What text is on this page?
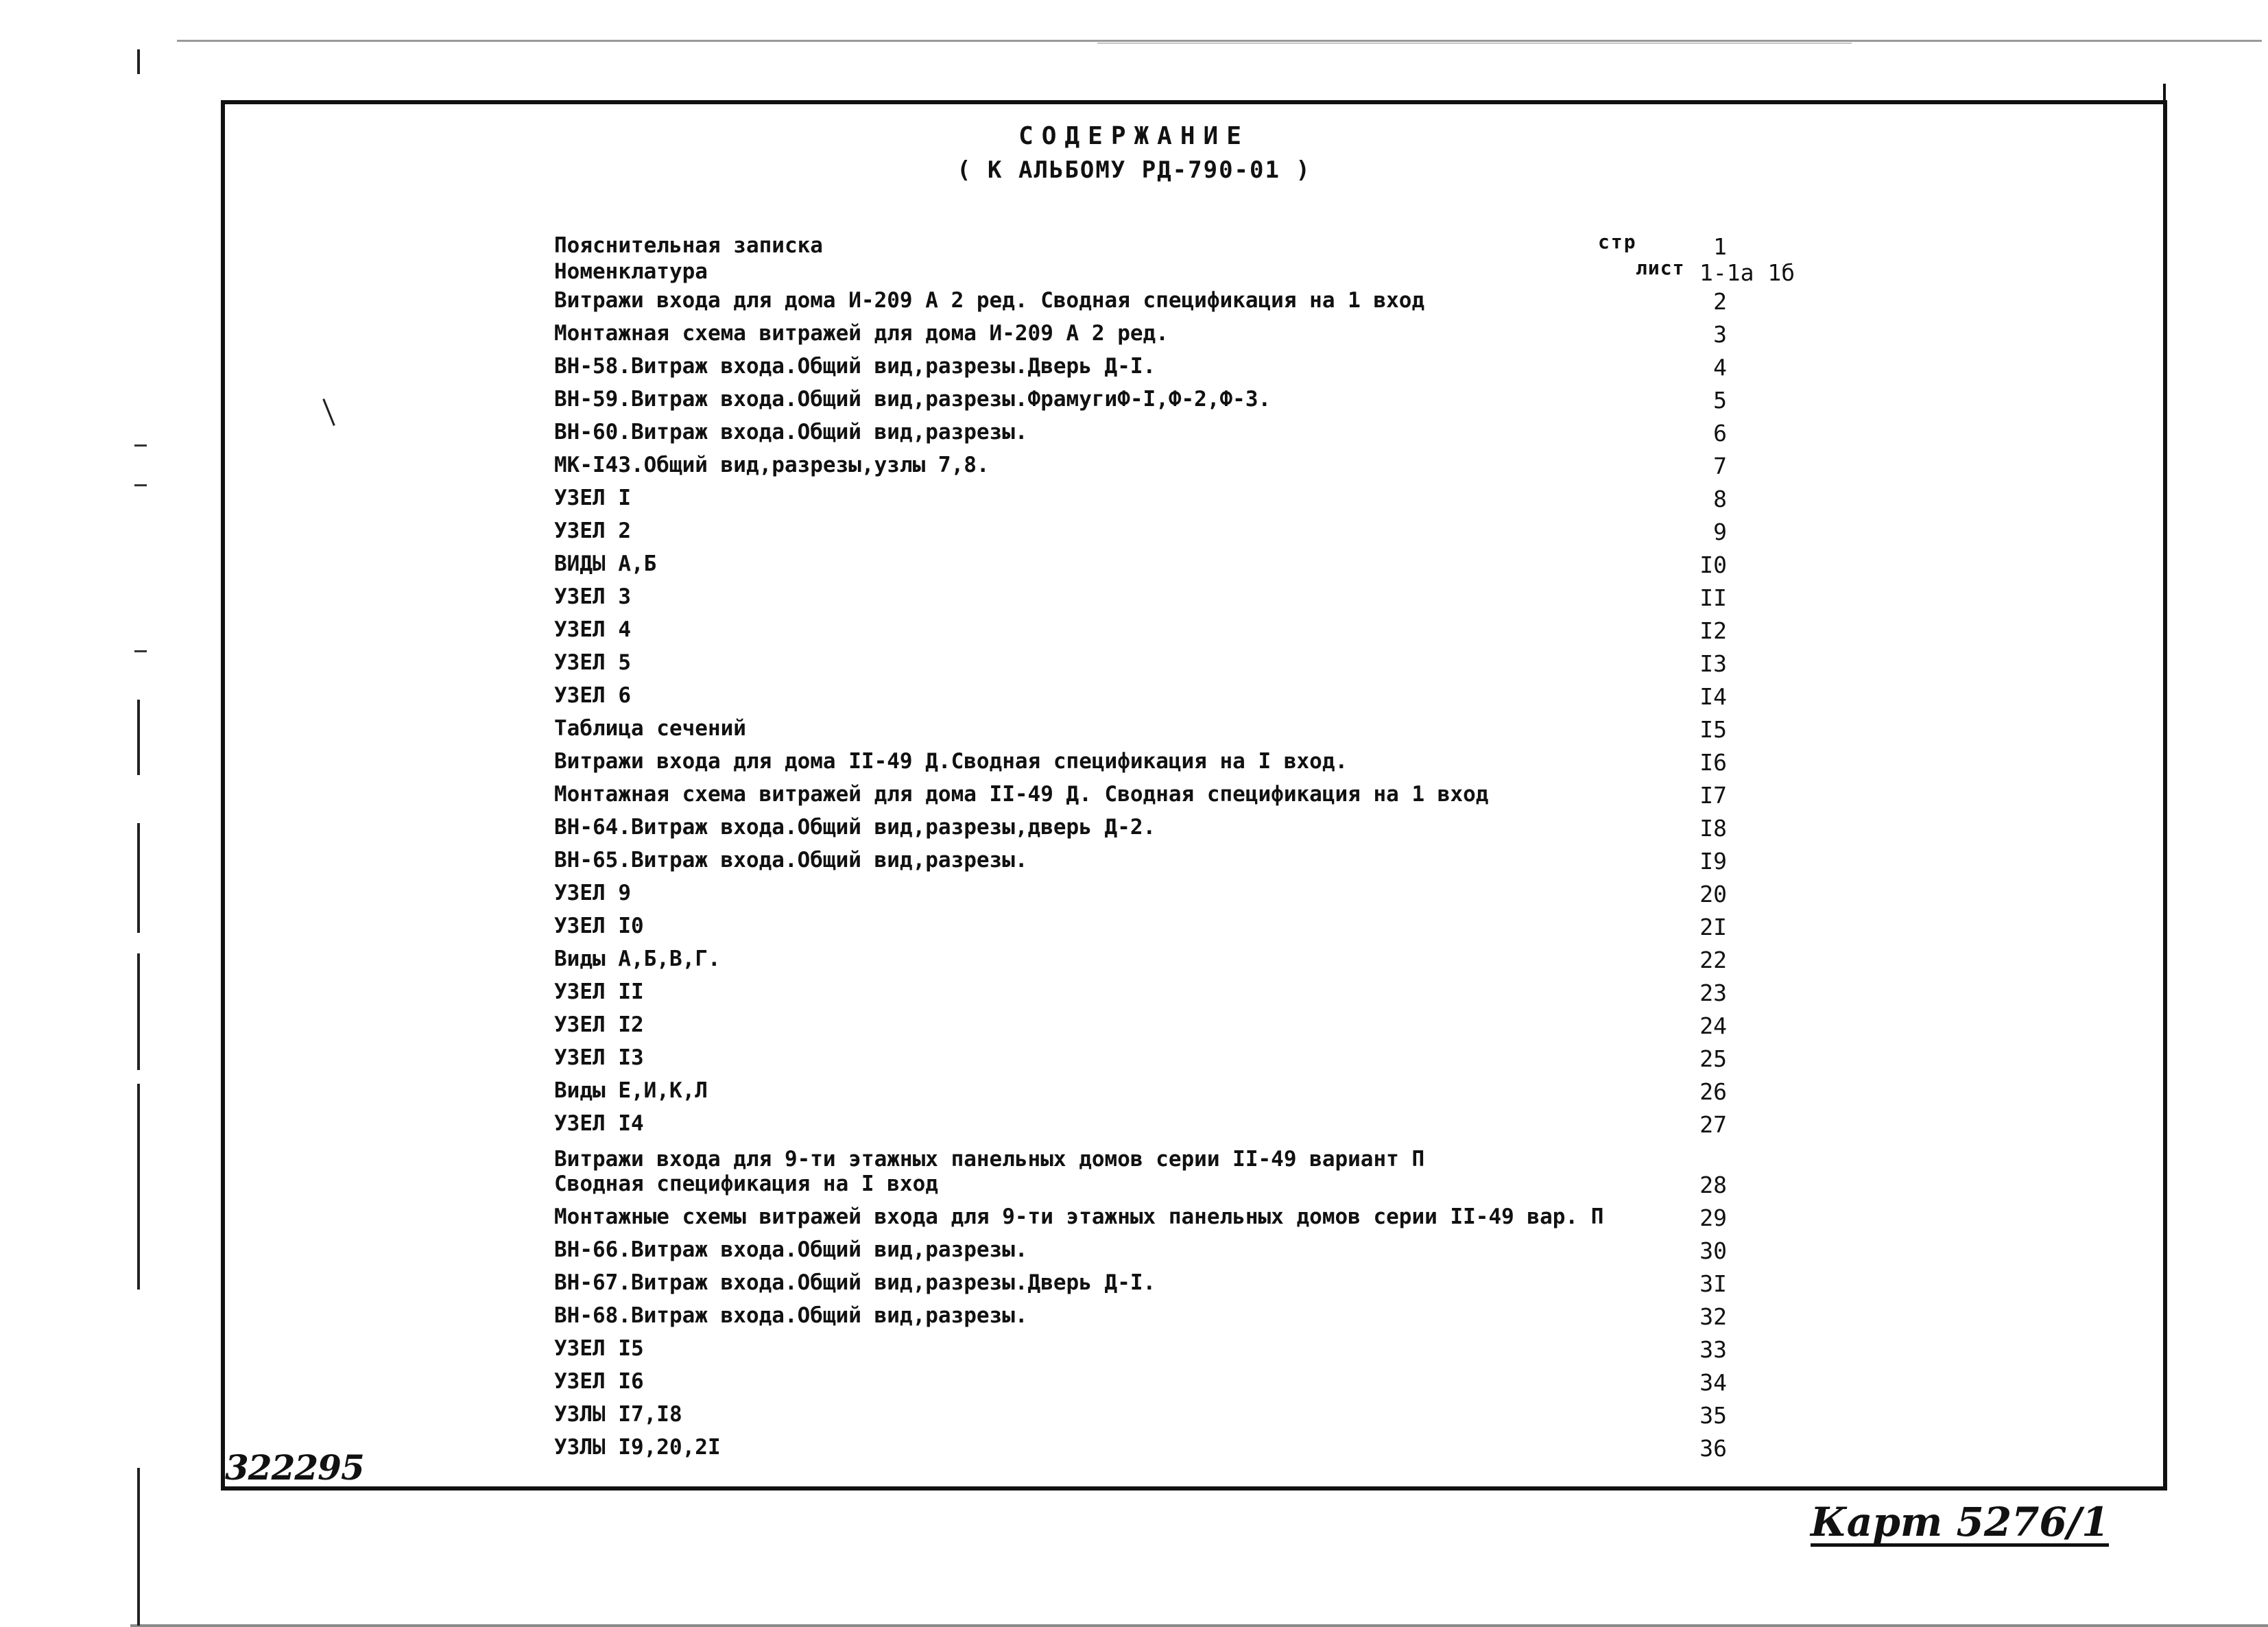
СОДЕРЖАНИЕ
( К АЛЬБОМУ РД-790-01 )
стр
лист
Пояснительная записка	1
Номенклатура	1-1а 1б
Витражи входа для дома И-209 А 2 ред. Сводная спецификация на 1 вход	2
Монтажная схема витражей для дома И-209 А 2 ред.	3
ВН-58.Витраж входа.Общий вид,разрезы.Дверь Д-I.	4
ВН-59.Витраж входа.Общий вид,разрезы.ФрамугиФ-I,Ф-2,Ф-3.	5
ВН-60.Витраж входа.Общий вид,разрезы.	6
МК-I43.Общий вид,разрезы,узлы 7,8.	7
УЗЕЛ I	8
УЗЕЛ 2	9
ВИДЫ А,Б	I0
УЗЕЛ 3	II
УЗЕЛ 4	I2
УЗЕЛ 5	I3
УЗЕЛ 6	I4
Таблица сечений	I5
Витражи входа для дома II-49 Д.Сводная спецификация на I вход.	I6
Монтажная схема витражей для дома II-49 Д. Сводная спецификация на 1 вход	I7
ВН-64.Витраж входа.Общий вид,разрезы,дверь Д-2.	I8
ВН-65.Витраж входа.Общий вид,разрезы.	I9
УЗЕЛ 9	20
УЗЕЛ I0	2I
Виды А,Б,В,Г.	22
УЗЕЛ II	23
УЗЕЛ I2	24
УЗЕЛ I3	25
Виды Е,И,К,Л	26
УЗЕЛ I4	27
Витражи входа для 9-ти этажных панельных домов серии II-49 вариант П
Сводная спецификация на I вход	28
Монтажные схемы витражей входа для 9-ти этажных панельных домов серии II-49 вар. П	29
ВН-66.Витраж входа.Общий вид,разрезы.	30
ВН-67.Витраж входа.Общий вид,разрезы.Дверь Д-I.	3I
ВН-68.Витраж входа.Общий вид,разрезы.	32
УЗЕЛ I5	33
УЗЕЛ I6	34
УЗЛЫ I7,I8	35
УЗЛЫ I9,20,2I	36
322295
Карт 5276/1
